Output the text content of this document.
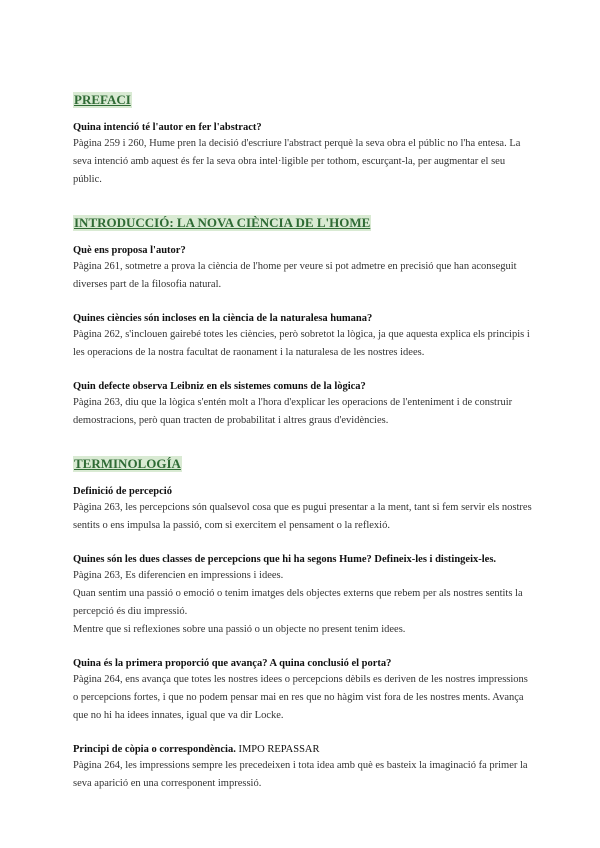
PREFACI

Quina intenció té l'autor en fer l'abstract?

Pàgina 259 i 260, Hume pren la decisió d'escriure l'abstract perquè la seva obra el públic no l'ha entesa. La seva intenció amb aquest és fer la seva obra intel·ligible per tothom, escurçant-la, per augmentar el seu públic.

INTRODUCCIÓ: LA NOVA CIÈNCIA DE L'HOME

Què ens proposa l'autor?

Pàgina 261, sotmetre a prova la ciència de l'home per veure si pot admetre en precisió que han aconseguit diverses part de la filosofia natural.

Quines ciències són incloses en la ciència de la naturalesa humana?

Pàgina 262, s'inclouen gairebé totes les ciències, però sobretot la lògica, ja que aquesta explica els principis i les operacions de la nostra facultat de raonament i la naturalesa de les nostres idees.

Quin defecte observa Leibniz en els sistemes comuns de la lògica?

Pàgina 263, diu que la lògica s'entén molt a l'hora d'explicar les operacions de l'enteniment i de construir demostracions, però quan tracten de probabilitat i altres graus d'evidències.

TERMINOLOGÍA

Definició de percepció

Pàgina 263, les percepcions són qualsevol cosa que es pugui presentar a la ment, tant si fem servir els nostres sentits o ens impulsa la passió, com si exercitem el pensament o la reflexió.

Quines són les dues classes de percepcions que hi ha segons Hume? Defineix-les i distingeix-les.

Pàgina 263, Es diferencien en impressions i idees.
Quan sentim una passió o emoció o tenim imatges dels objectes externs que rebem per als nostres sentits la percepció és diu impressió.
Mentre que si reflexiones sobre una passió o un objecte no present tenim idees.

Quina és la primera proporció que avança? A quina conclusió el porta?

Pàgina 264, ens avança que totes les nostres idees o percepcions dèbils es deriven de les nostres impressions o percepcions fortes, i que no podem pensar mai en res que no hàgim vist fora de les nostres ments. Avança que no hi ha idees innates, igual que va dir Locke.

Principi de còpia o correspondència. IMPO REPASSAR

Pàgina 264, les impressions sempre les precedeixen i tota idea amb què es basteix la imaginació fa primer la seva aparició en una corresponent impressió.
